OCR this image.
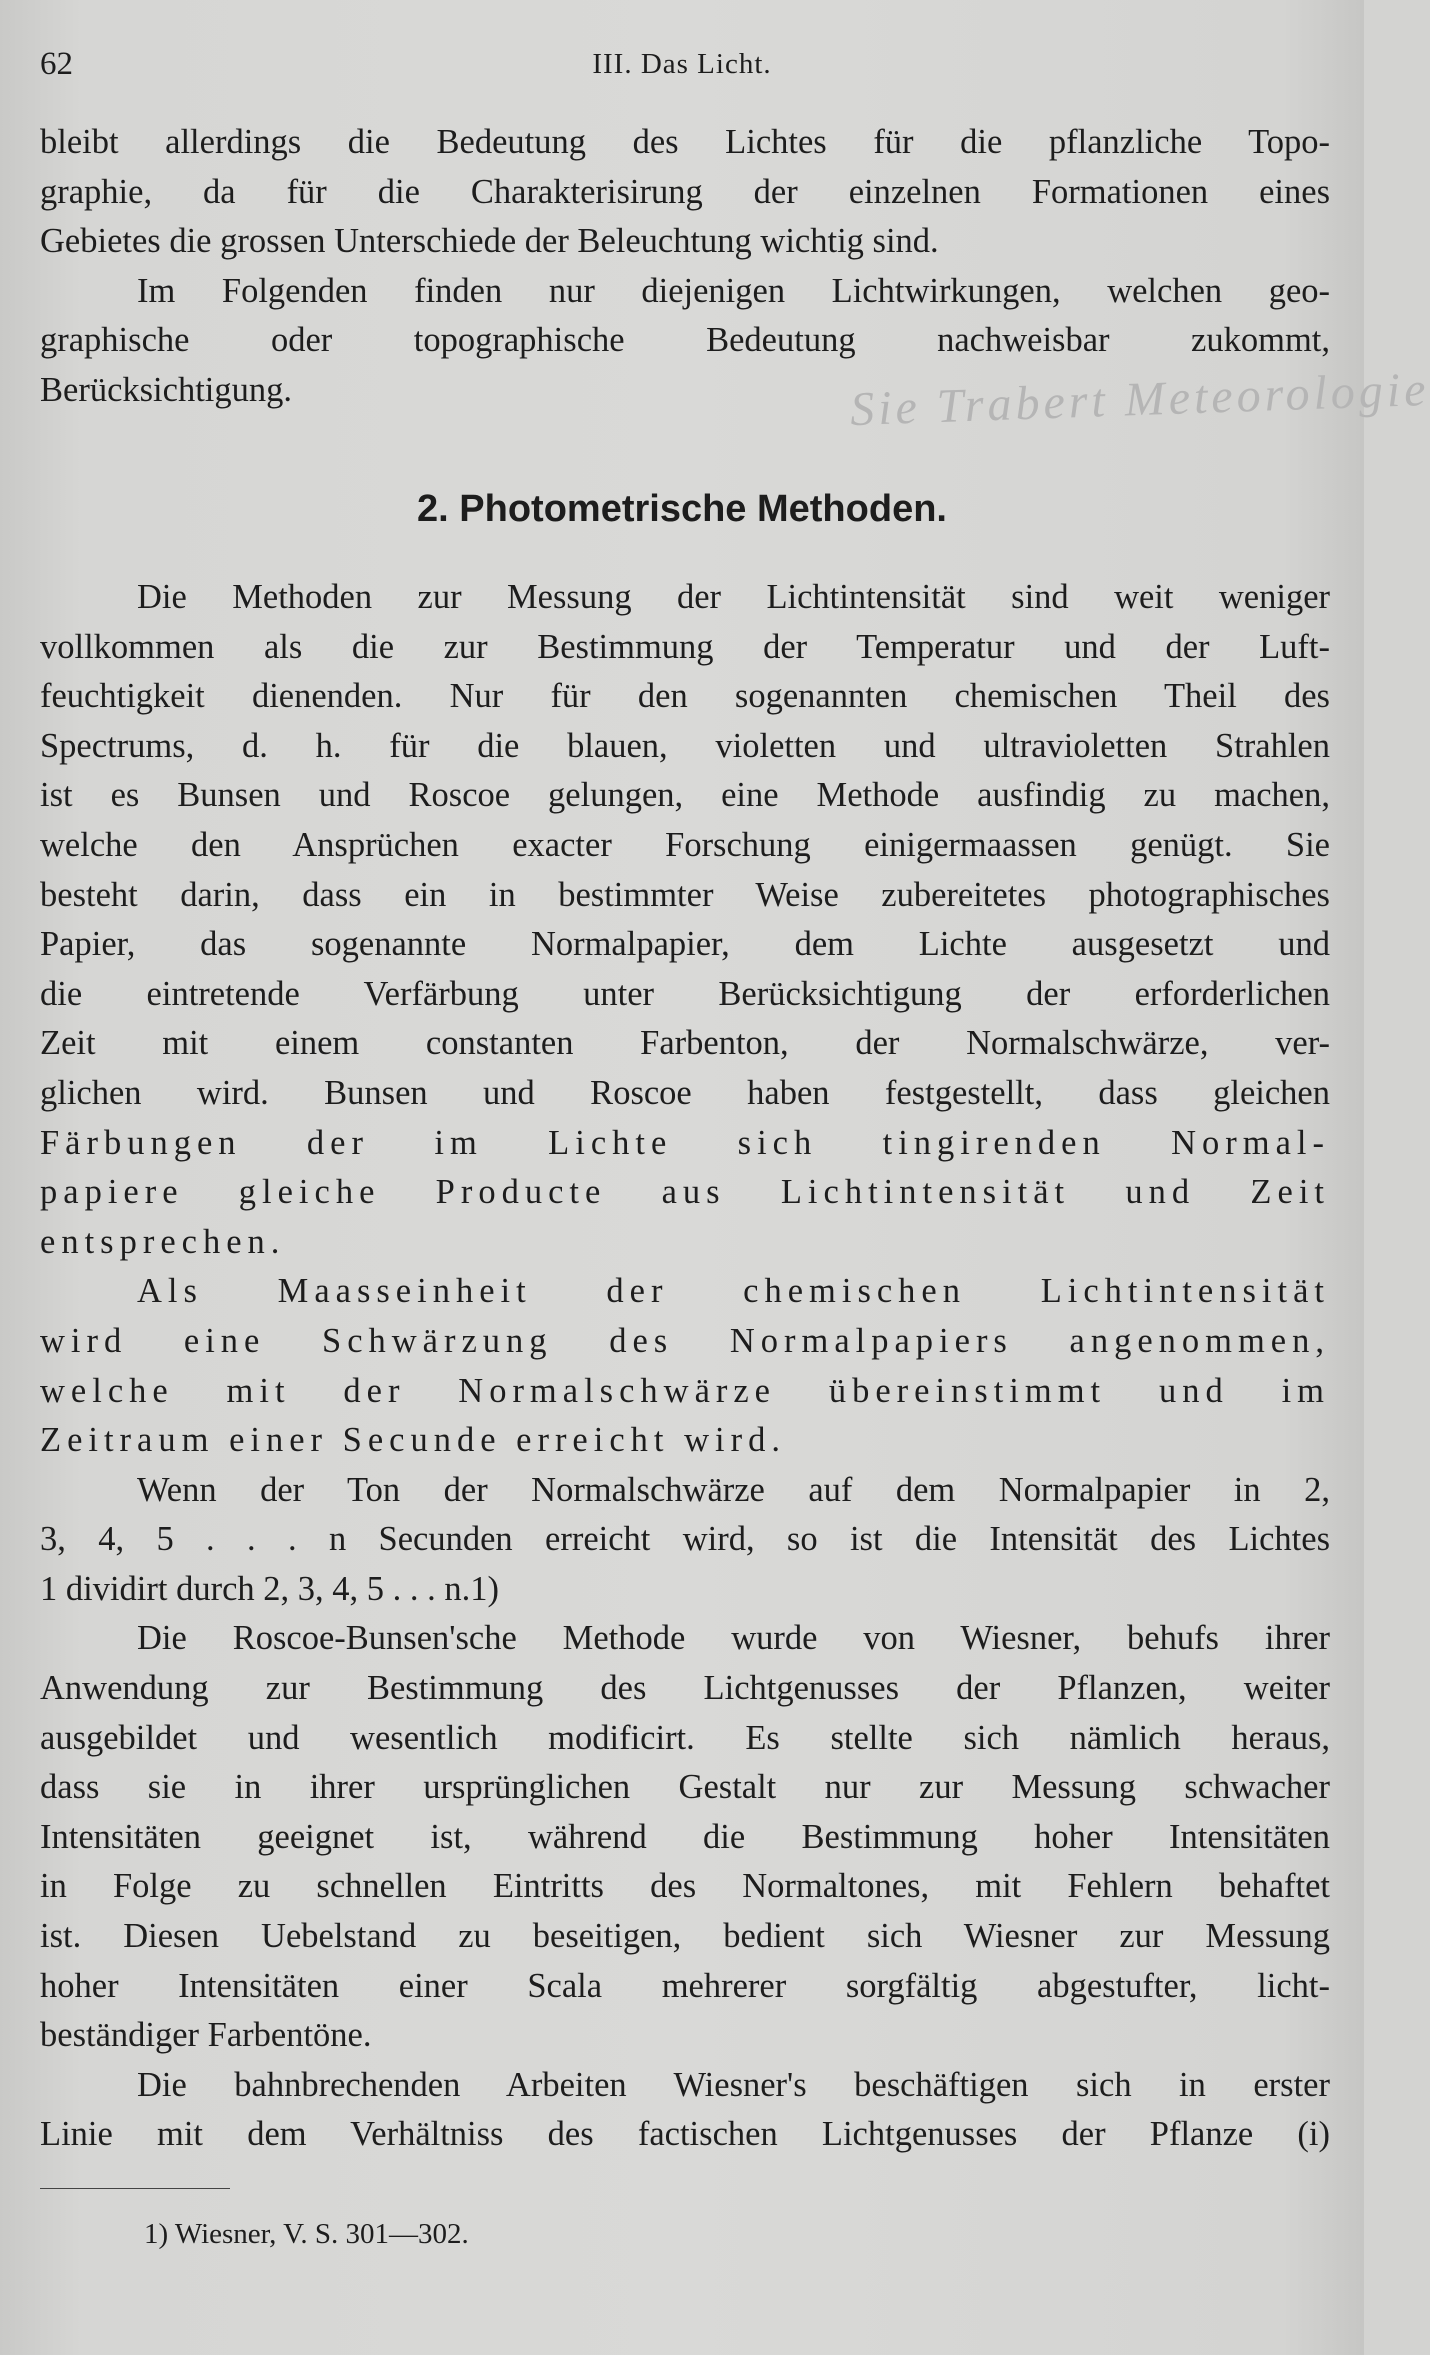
62	III. Das Licht.

bleibt allerdings die Bedeutung des Lichtes für die pflanzliche Topo-

graphie, da für die Charakterisirung der einzelnen Formationen eines

Gebietes die grossen Unterschiede der Beleuchtung wichtig sind.

Im Folgenden finden nur diejenigen Lichtwirkungen, welchen geo-

graphische oder topographische Bedeutung nachweisbar zukommt,

Berücksichtigung.	Sie Trabert Meteorologie
2. Photometrische Methoden.

Die Methoden zur Messung der Lichtintensität sind weit weniger

vollkommen als die zur Bestimmung der Temperatur und der Luft-

feuchtigkeit dienenden. Nur für den sogenannten chemischen Theil des

Spectrums, d. h. für die blauen, violetten und ultravioletten Strahlen

ist es Bunsen und Roscoe gelungen, eine Methode ausfindig zu machen,

welche den Ansprüchen exacter Forschung einigermaassen genügt. Sie

besteht darin, dass ein in bestimmter Weise zubereitetes photographisches

Papier, das sogenannte Normalpapier, dem Lichte ausgesetzt und

die eintretende Verfärbung unter Berücksichtigung der erforderlichen

Zeit mit einem constanten Farbenton, der Normalschwärze, ver-

glichen wird. Bunsen und Roscoe haben festgestellt, dass gleichen

Färbungen der im Lichte sich tingirenden Normal-

papiere gleiche Producte aus Lichtintensität und Zeit

entsprechen.

Als Maasseinheit der chemischen Lichtintensität

wird eine Schwärzung des Normalpapiers angenommen,

welche mit der Normalschwärze übereinstimmt und im

Zeitraum einer Secunde erreicht wird.

Wenn der Ton der Normalschwärze auf dem Normalpapier in 2,

3, 4, 5 . . . n Secunden erreicht wird, so ist die Intensität des Lichtes

1 dividirt durch 2, 3, 4, 5 . . . n.1)

Die Roscoe-Bunsen'sche Methode wurde von Wiesner, behufs ihrer

Anwendung zur Bestimmung des Lichtgenusses der Pflanzen, weiter

ausgebildet und wesentlich modificirt. Es stellte sich nämlich heraus,

dass sie in ihrer ursprünglichen Gestalt nur zur Messung schwacher

Intensitäten geeignet ist, während die Bestimmung hoher Intensitäten

in Folge zu schnellen Eintritts des Normaltones, mit Fehlern behaftet

ist. Diesen Uebelstand zu beseitigen, bedient sich Wiesner zur Messung

hoher Intensitäten einer Scala mehrerer sorgfältig abgestufter, licht-

beständiger Farbentöne.

Die bahnbrechenden Arbeiten Wiesner's beschäftigen sich in erster

Linie mit dem Verhältniss des factischen Lichtgenusses der Pflanze (i)

1) Wiesner, V. S. 301—302.
